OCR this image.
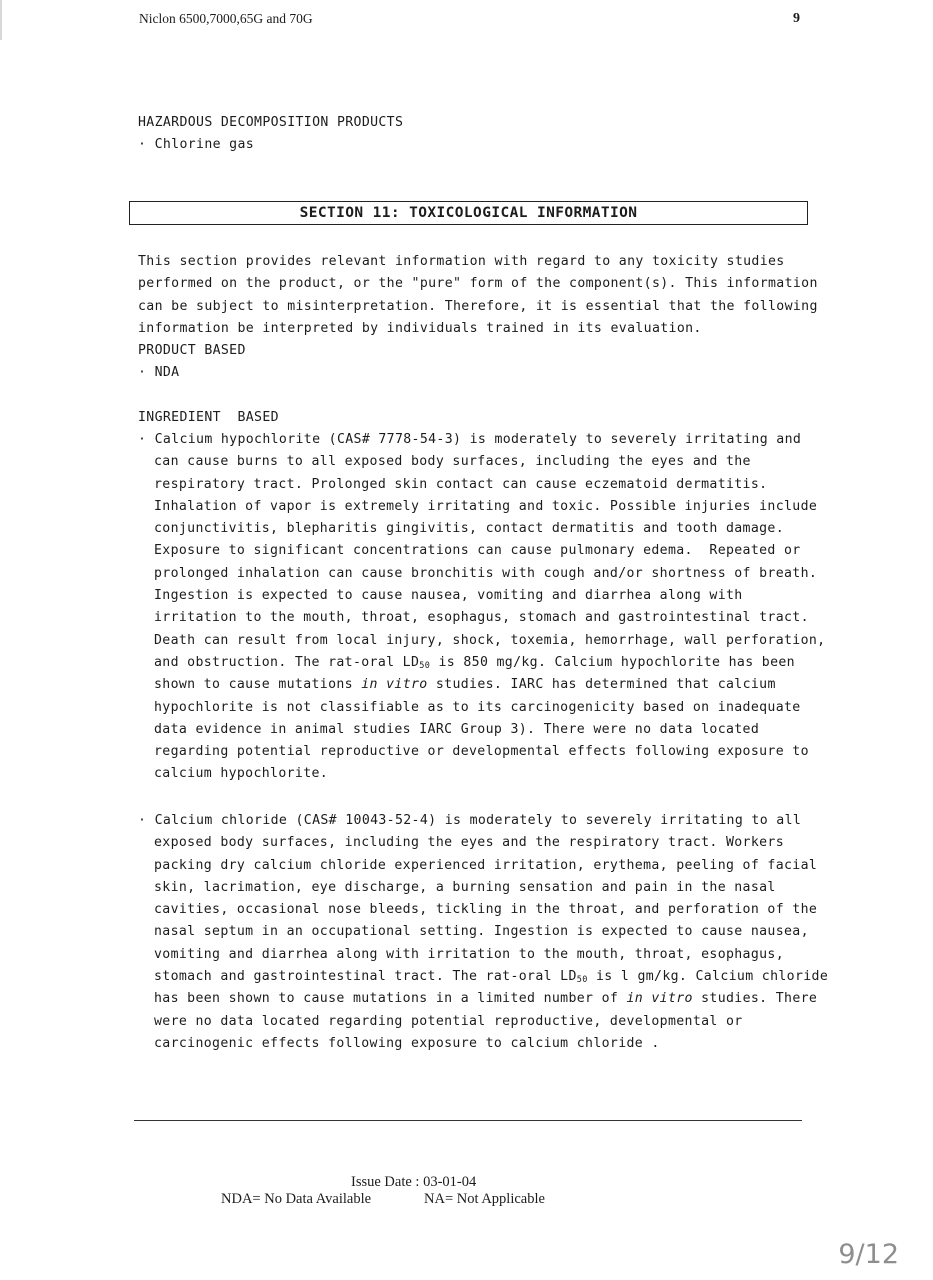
Niclon 6500,7000,65G and 70G	9
HAZARDOUS DECOMPOSITION PRODUCTS
· Chlorine gas
SECTION 11: TOXICOLOGICAL INFORMATION
This section provides relevant information with regard to any toxicity studies
performed on the product, or the "pure" form of the component(s). This information
can be subject to misinterpretation. Therefore, it is essential that the following
information be interpreted by individuals trained in its evaluation.
PRODUCT BASED
· NDA
INGREDIENT  BASED
· Calcium hypochlorite (CAS# 7778-54-3) is moderately to severely irritating and
can cause burns to all exposed body surfaces, including the eyes and the
respiratory tract. Prolonged skin contact can cause eczematoid dermatitis.
Inhalation of vapor is extremely irritating and toxic. Possible injuries include
conjunctivitis, blepharitis gingivitis, contact dermatitis and tooth damage.
Exposure to significant concentrations can cause pulmonary edema.  Repeated or
prolonged inhalation can cause bronchitis with cough and/or shortness of breath.
Ingestion is expected to cause nausea, vomiting and diarrhea along with
irritation to the mouth, throat, esophagus, stomach and gastrointestinal tract.
Death can result from local injury, shock, toxemia, hemorrhage, wall perforation,
and obstruction. The rat-oral $LD_{50}$ is 850 mg/kg. Calcium hypochlorite has been
shown to cause mutations in vitro studies. IARC has determined that calcium
hypochlorite is not classifiable as to its carcinogenicity based on inadequate
data evidence in animal studies IARC Group 3). There were no data located
regarding potential reproductive or developmental effects following exposure to
calcium hypochlorite.
· Calcium chloride (CAS# 10043-52-4) is moderately to severely irritating to all
exposed body surfaces, including the eyes and the respiratory tract. Workers
packing dry calcium chloride experienced irritation, erythema, peeling of facial
skin, lacrimation, eye discharge, a burning sensation and pain in the nasal
cavities, occasional nose bleeds, tickling in the throat, and perforation of the
nasal septum in an occupational setting. Ingestion is expected to cause nausea,
vomiting and diarrhea along with irritation to the mouth, throat, esophagus,
stomach and gastrointestinal tract. The rat-oral $LD_{50}$ is l gm/kg. Calcium chloride
has been shown to cause mutations in a limited number of in vitro studies. There
were no data located regarding potential reproductive, developmental or
carcinogenic effects following exposure to calcium chloride .
Issue Date : 03-01-04
NDA= No Data Available	NA= Not Applicable
9/12
